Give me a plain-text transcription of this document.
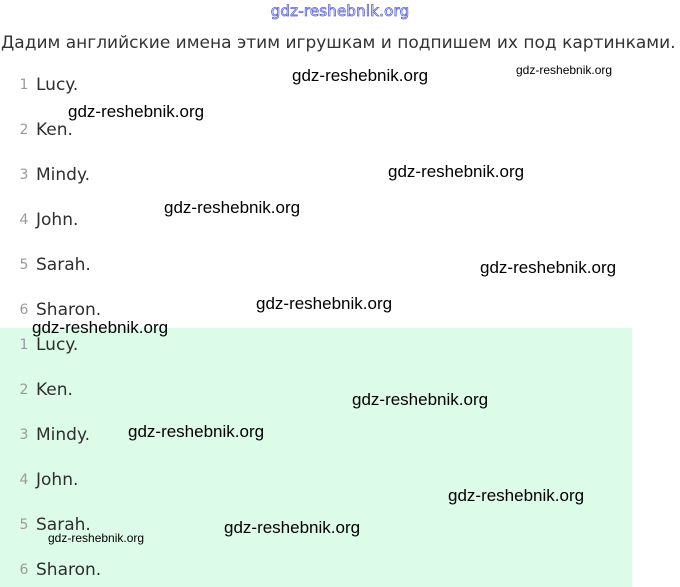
gdz-reshebnik.org
Дадим английские имена этим игрушкам и подпишем их под картинками.
1 Lucy.
2 Ken.
3 Mindy.
4 John.
5 Sarah.
6 Sharon.
1 Lucy.
2 Ken.
3 Mindy.
4 John.
5 Sarah.
6 Sharon.
gdz-reshebnik.org	gdz-reshebnik.org
gdz-reshebnik.org
gdz-reshebnik.org
gdz-reshebnik.org
gdz-reshebnik.org
gdz-reshebnik.org
gdz-reshebnik.org
gdz-reshebnik.org
gdz-reshebnik.org
gdz-reshebnik.org
gdz-reshebnik.org
gdz-reshebnik.org
